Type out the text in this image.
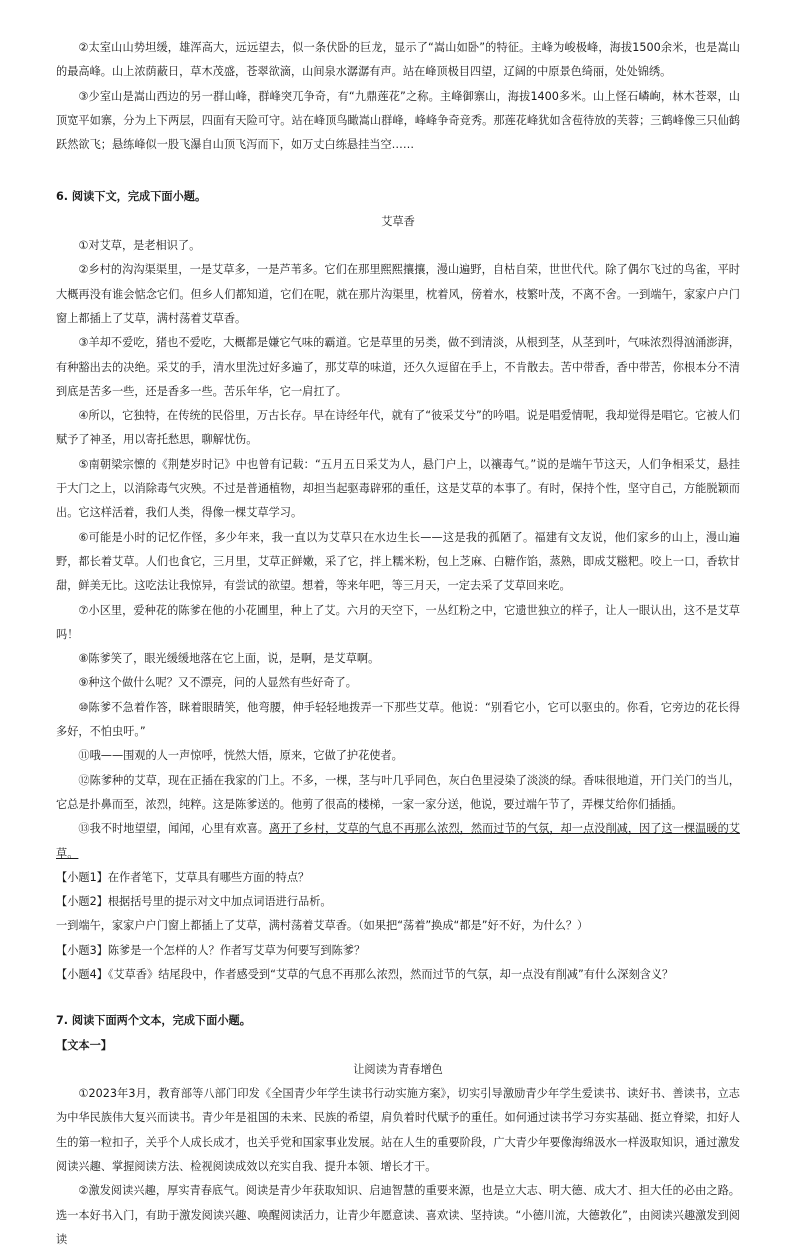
②太室山山势坦缓，雄浑高大，远远望去，似一条伏卧的巨龙，显示了“嵩山如卧”的特征。主峰为峻极峰，海拔1500余米，也是嵩山的最高峰。山上浓荫蔽日，草木茂盛，苍翠欲滴，山间泉水潺潺有声。站在峰顶极目四望，辽阔的中原景色绮丽，处处锦绣。

③少室山是嵩山西边的另一群山峰，群峰突兀争奇，有“九鼎莲花”之称。主峰御寨山，海拔1400多米。山上怪石嶙峋，林木苍翠，山顶宽平如寨，分为上下两层，四面有天险可守。站在峰顶鸟瞰嵩山群峰，峰峰争奇竞秀。那莲花峰犹如含苞待放的芙蓉；三鹤峰像三只仙鹤跃然欲飞；悬练峰似一股飞瀑自山顶飞泻而下，如万丈白练悬挂当空……

6. 阅读下文，完成下面小题。

艾草香

①对艾草，是老相识了。

②乡村的沟沟渠渠里，一是艾草多，一是芦苇多。它们在那里熙熙攘攘，漫山遍野，自枯自荣，世世代代。除了偶尔飞过的鸟雀，平时大概再没有谁会惦念它们。但乡人们都知道，它们在呢，就在那片沟渠里，枕着风，傍着水，枝繁叶茂，不离不舍。一到端午，家家户户门窗上都插上了艾草，满村荡着艾草香。

③羊却不爱吃，猪也不爱吃，大概都是嫌它气味的霸道。它是草里的另类，做不到清淡，从根到茎，从茎到叶，气味浓烈得汹涌澎湃，有种豁出去的决绝。采艾的手，清水里洗过好多遍了，那艾草的味道，还久久逗留在手上，不肯散去。苦中带香，香中带苦，你根本分不清到底是苦多一些，还是香多一些。苦乐年华，它一肩扛了。

④所以，它独特，在传统的民俗里，万古长存。早在诗经年代，就有了“彼采艾兮”的吟唱。说是唱爱情呢，我却觉得是唱它。它被人们赋予了神圣，用以寄托愁思，聊解忧伤。

⑤南朝梁宗懔的《荆楚岁时记》中也曾有记载：“五月五日采艾为人，悬门户上，以禳毒气。”说的是端午节这天，人们争相采艾，悬挂于大门之上，以消除毒气灾殃。不过是普通植物，却担当起驱毒辟邪的重任，这是艾草的本事了。有时，保持个性，坚守自己，方能脱颖而出。它这样活着，我们人类，得像一棵艾草学习。

⑥可能是小时的记忆作怪，多少年来，我一直以为艾草只在水边生长——这是我的孤陋了。福建有文友说，他们家乡的山上，漫山遍野，都长着艾草。人们也食它，三月里，艾草正鲜嫩，采了它，拌上糯米粉，包上芝麻、白糖作馅，蒸熟，即成艾糍粑。咬上一口，香软甘甜，鲜美无比。这吃法让我惊异，有尝试的欲望。想着，等来年吧，等三月天，一定去采了艾草回来吃。

⑦小区里，爱种花的陈爹在他的小花圃里，种上了艾。六月的天空下，一丛红粉之中，它遗世独立的样子，让人一眼认出，这不是艾草吗！

⑧陈爹笑了，眼光缓缓地落在它上面，说，是啊，是艾草啊。

⑨种这个做什么呢？又不漂亮，问的人显然有些好奇了。

⑩陈爹不急着作答，眯着眼睛笑，他弯腰，伸手轻轻地拨弄一下那些艾草。他说：“别看它小，它可以驱虫的。你看，它旁边的花长得多好，不怕虫吁。”

⑪哦——围观的人一声惊呼，恍然大悟，原来，它做了护花使者。

⑫陈爹种的艾草，现在正插在我家的门上。不多，一棵，茎与叶几乎同色，灰白色里浸染了淡淡的绿。香味很地道，开门关门的当儿，它总是扑鼻而至，浓烈，纯粹。这是陈爹送的。他剪了很高的楼梯，一家一家分送，他说，要过端午节了，弄棵艾给你们插插。

⑬我不时地望望，闻闻，心里有欢喜。离开了乡村，艾草的气息不再那么浓烈，然而过节的气氛，却一点没削减，因了这一棵温暖的艾草。

【小题1】在作者笔下，艾草具有哪些方面的特点？

【小题2】根据括号里的提示对文中加点词语进行品析。

一到端午，家家户户门窗上都插上了艾草，满村荡着艾草香。（如果把“荡着”换成“都是”好不好，为什么？）

【小题3】陈爹是一个怎样的人？作者写艾草为何要写到陈爹？

【小题4】《艾草香》结尾段中，作者感受到“艾草的气息不再那么浓烈，然而过节的气氛，却一点没有削减”有什么深刻含义？

7. 阅读下面两个文本，完成下面小题。

【文本一】

让阅读为青春增色

①2023年3月，教育部等八部门印发《全国青少年学生读书行动实施方案》，切实引导激励青少年学生爱读书、读好书、善读书，立志为中华民族伟大复兴而读书。青少年是祖国的未来、民族的希望，肩负着时代赋予的重任。如何通过读书学习夯实基础、挺立脊梁，扣好人生的第一粒扣子，关乎个人成长成才，也关乎党和国家事业发展。站在人生的重要阶段，广大青少年要像海绵汲水一样汲取知识，通过激发阅读兴趣、掌握阅读方法、检视阅读成效以充实自我、提升本领、增长才干。

②激发阅读兴趣，厚实青春底气。阅读是青少年获取知识、启迪智慧的重要来源，也是立大志、明大德、成大才、担大任的必由之路。选一本好书入门，有助于激发阅读兴趣、唤醒阅读活力，让青少年愿意读、喜欢读、坚持读。“小德川流，大德敦化”，由阅读兴趣激发到阅读
